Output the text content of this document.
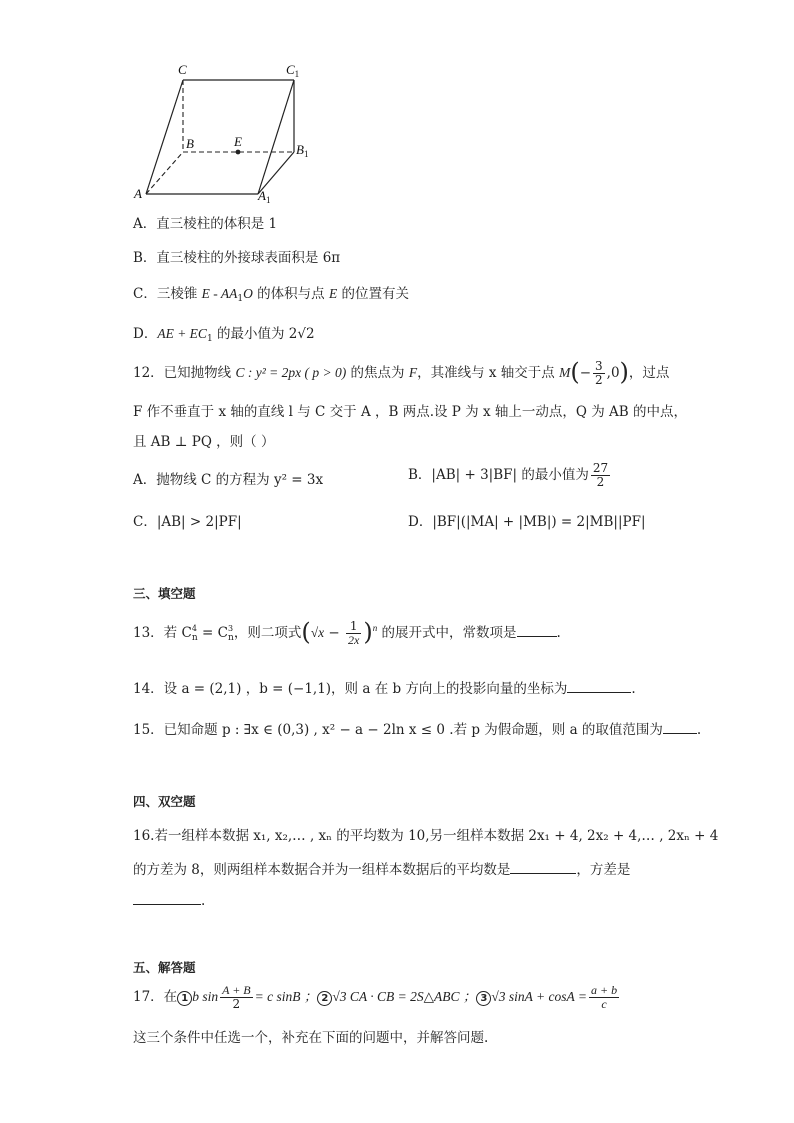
C	$C_1$
B	E
$B_1$
A	$A_1$
A．直三棱柱的体积是 1
B．直三棱柱的外接球表面积是 6π
C．三棱锥 E - $AA_1O$ 的体积与点 E 的位置有关
D．AE + $EC_1$ 的最小值为 2√2
12．已知抛物线 C : y² = 2px ( p > 0) 的焦点为 F，其准线与 x 轴交于点 $M(- \frac{3}{2} ,0)$，过点
F 作不垂直于 x 轴的直线 l 与 C 交于 A ，B 两点.设 P 为 x 轴上一动点，Q 为 AB 的中点，
且 AB ⊥ PQ ，则（ ）
A．抛物线 C 的方程为 y² = 3x	B．|AB| + 3|BF| 的最小值为 $\frac{27}{2}$
C．|AB| > 2|PF|	D．|BF|(|MA| + |MB|) = 2|MB||PF|
三、填空题
13．若 $C^4_n = C^3_n$，则二项式$(√x - \frac{1}{2x} )^n$ 的展开式中，常数项是	.
14．设 a = (2,1) ，b = (−1,1)，则 a 在 b 方向上的投影向量的坐标为	.
15．已知命题 p : ∃x ∈ (0,3) , x² − a − 2ln x ≤ 0 .若 p 为假命题，则 a 的取值范围为	.
四、双空题
16.若一组样本数据 x₁, x₂,… , xₙ 的平均数为 10,另一组样本数据 2x₁ + 4, 2x₂ + 4,… , 2xₙ + 4
的方差为 8，则两组样本数据合并为一组样本数据后的平均数是	，方差是
.
五、解答题
17．在 1 b $\sin \frac{A + B}{2} = c$ sinB ； 2 √3 CA · CB = 2S△ABC ； 3 √3 $\sin A + \cos A = \frac{a + b}{c}$
这三个条件中任选一个，补充在下面的问题中，并解答问题.
